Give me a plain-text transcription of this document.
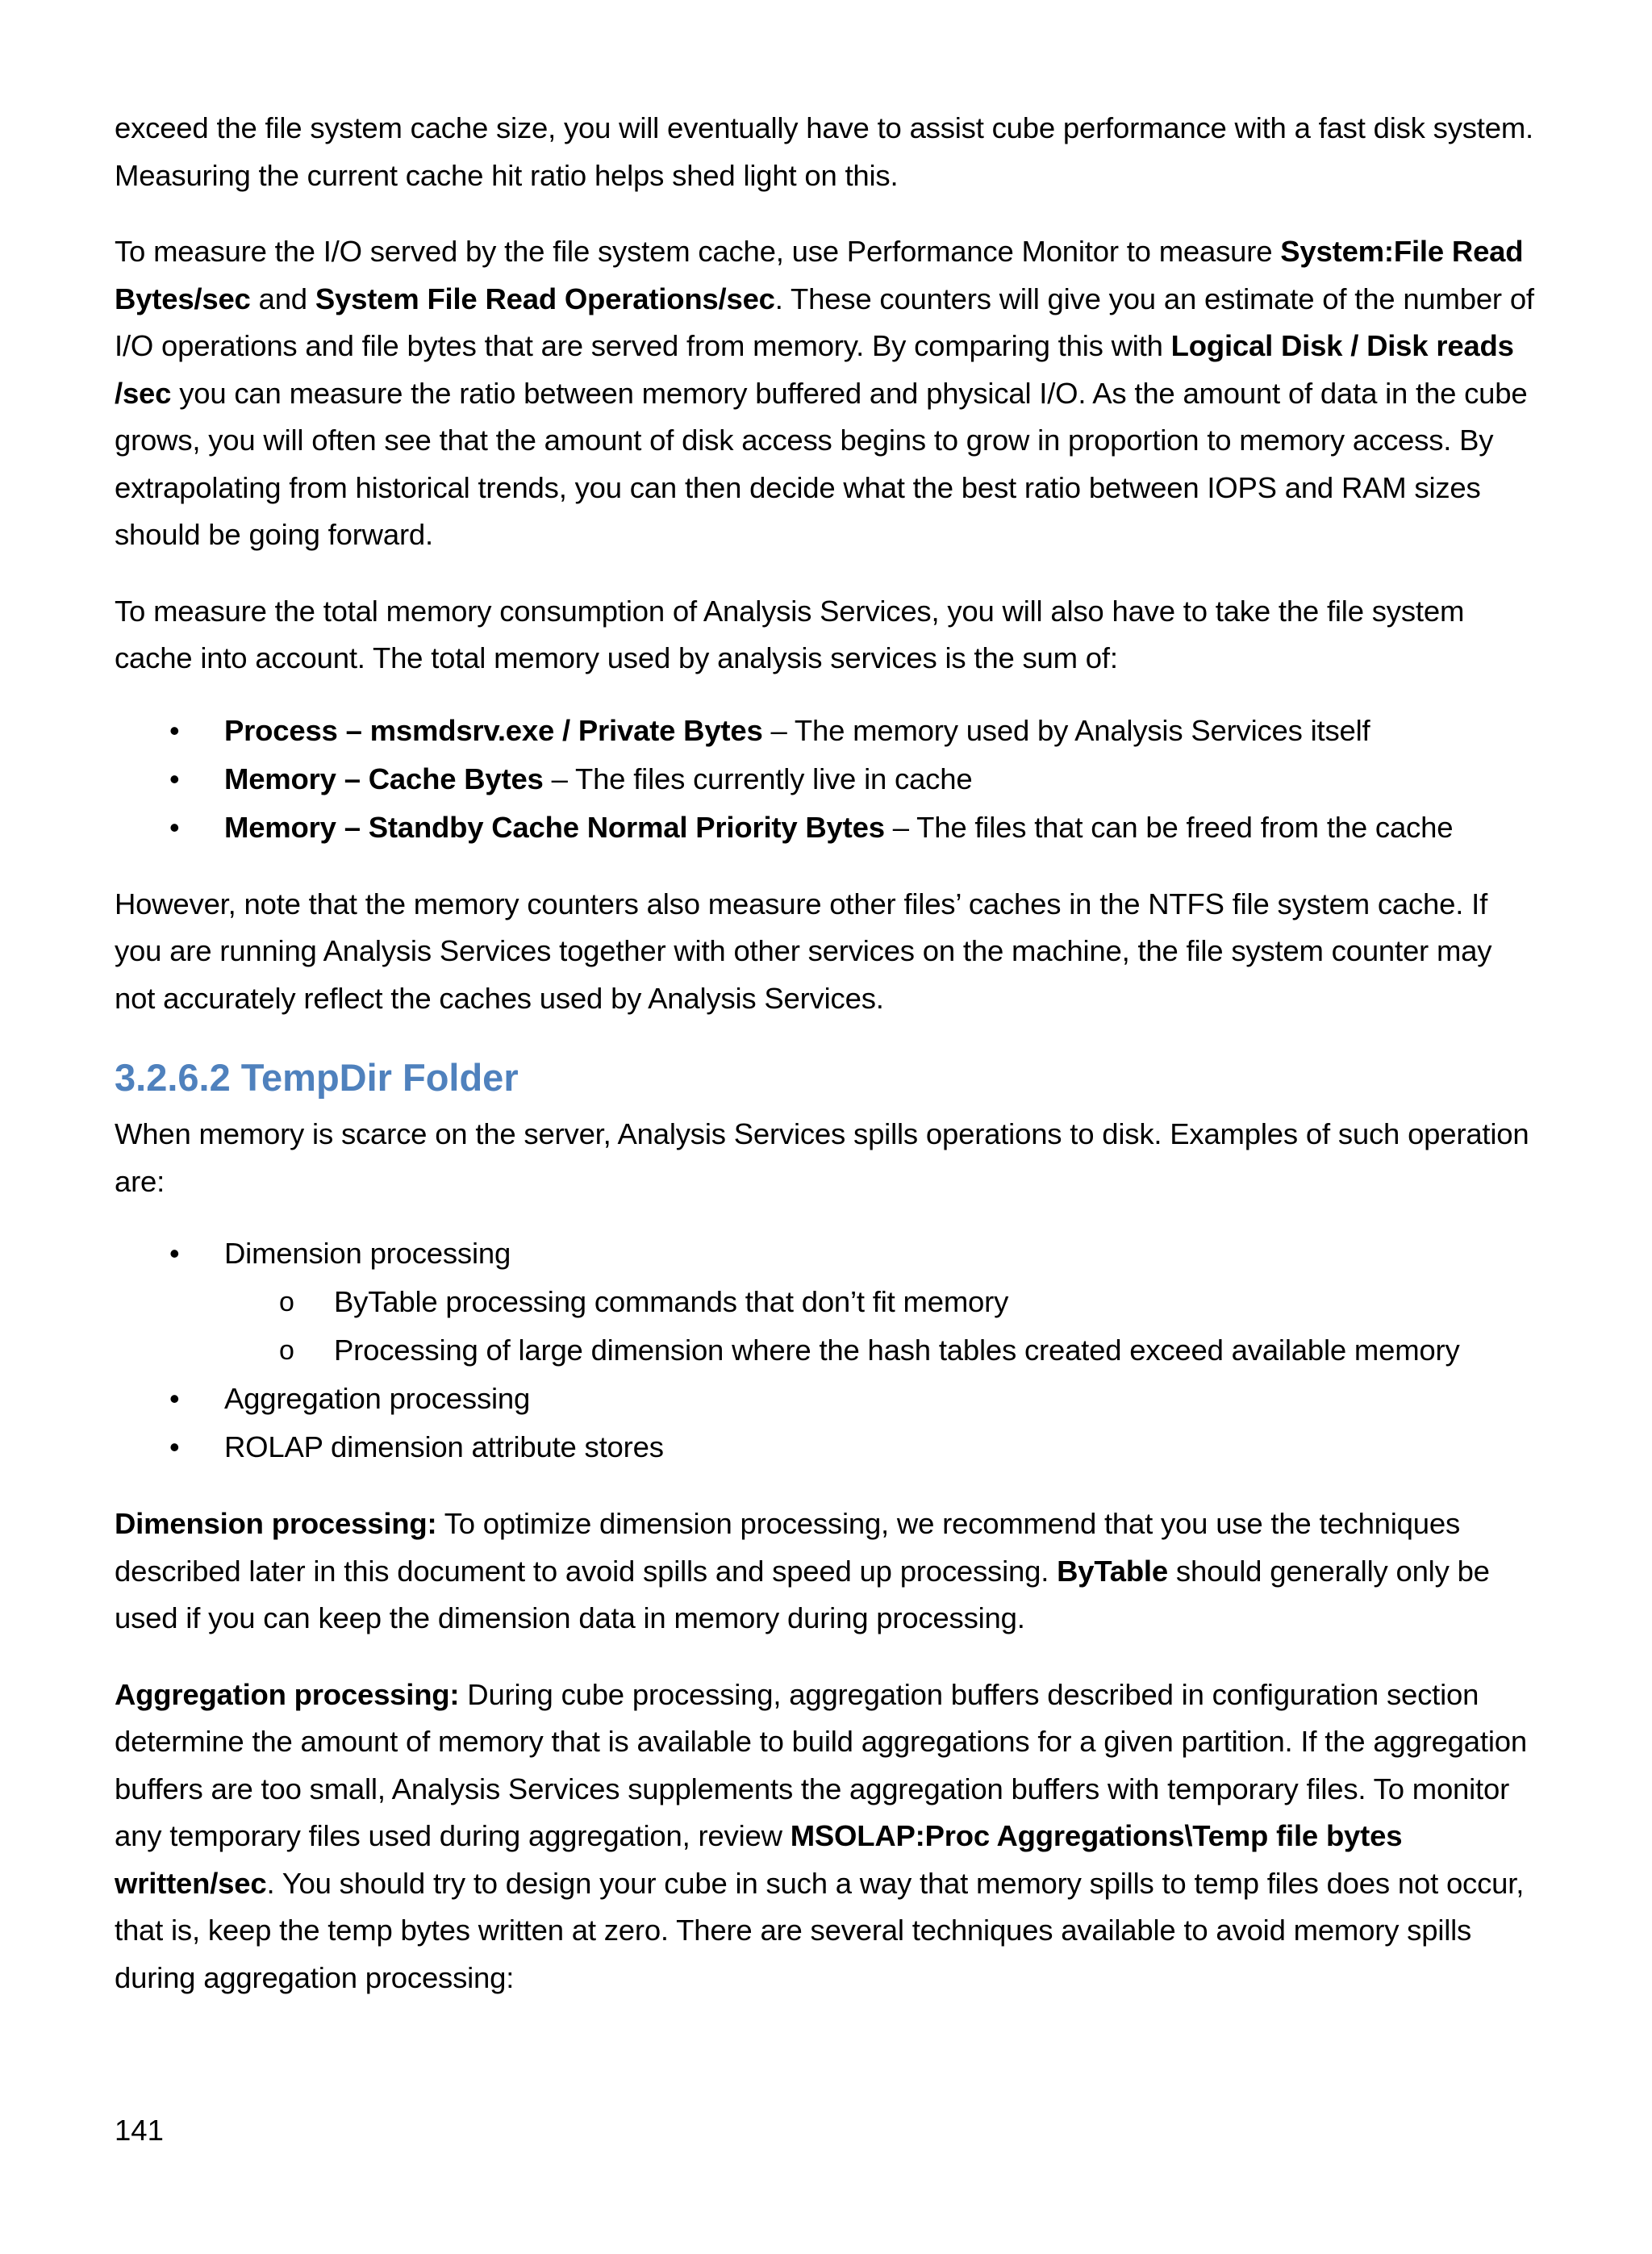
exceed the file system cache size, you will eventually have to assist cube performance with a fast disk system. Measuring the current cache hit ratio helps shed light on this.

To measure the I/O served by the file system cache, use Performance Monitor to measure System:File Read Bytes/sec and System File Read Operations/sec. These counters will give you an estimate of the number of I/O operations and file bytes that are served from memory. By comparing this with Logical Disk / Disk reads /sec you can measure the ratio between memory buffered and physical I/O. As the amount of data in the cube grows, you will often see that the amount of disk access begins to grow in proportion to memory access. By extrapolating from historical trends, you can then decide what the best ratio between IOPS and RAM sizes should be going forward.

To measure the total memory consumption of Analysis Services, you will also have to take the file system cache into account. The total memory used by analysis services is the sum of:

• Process – msmdsrv.exe / Private Bytes – The memory used by Analysis Services itself
• Memory – Cache Bytes – The files currently live in cache
• Memory – Standby Cache Normal Priority Bytes – The files that can be freed from the cache

However, note that the memory counters also measure other files’ caches in the NTFS file system cache. If you are running Analysis Services together with other services on the machine, the file system counter may not accurately reflect the caches used by Analysis Services.

3.2.6.2 TempDir Folder

When memory is scarce on the server, Analysis Services spills operations to disk. Examples of such operation are:

• Dimension processing
o ByTable processing commands that don’t fit memory
o Processing of large dimension where the hash tables created exceed available memory
• Aggregation processing
• ROLAP dimension attribute stores

Dimension processing: To optimize dimension processing, we recommend that you use the techniques described later in this document to avoid spills and speed up processing. ByTable should generally only be used if you can keep the dimension data in memory during processing.

Aggregation processing: During cube processing, aggregation buffers described in configuration section determine the amount of memory that is available to build aggregations for a given partition. If the aggregation buffers are too small, Analysis Services supplements the aggregation buffers with temporary files. To monitor any temporary files used during aggregation, review MSOLAP:Proc Aggregations\Temp file bytes written/sec. You should try to design your cube in such a way that memory spills to temp files does not occur, that is, keep the temp bytes written at zero. There are several techniques available to avoid memory spills during aggregation processing:

141
